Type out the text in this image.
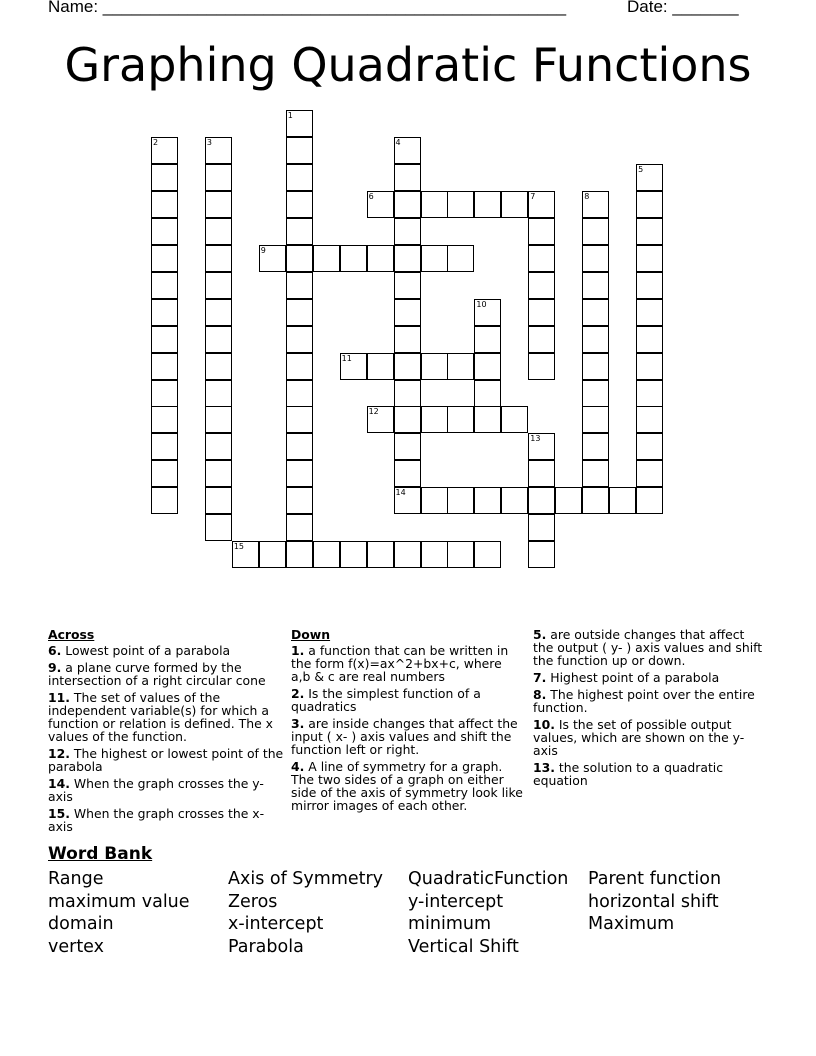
Name: _________________________________________________	Date: _______
Graphing Quadratic Functions
1
2	3	4
5
6	7	8
9
10
11
12
13
14
15
Across
6. Lowest point of a parabola
9. a plane curve formed by the intersection of a right circular cone
11. The set of values of the independent variable(s) for which a function or relation is defined. The x values of the function.
12. The highest or lowest point of the parabola
14. When the graph crosses the y-axis
15. When the graph crosses the x-axis
Down
1. a function that can be written in the form f(x)=ax^2+bx+c, where a,b & c are real numbers
2. Is the simplest function of a quadratics
3. are inside changes that affect the input ( x- ) axis values and shift the function left or right.
4. A line of symmetry for a graph. The two sides of a graph on either side of the axis of symmetry look like mirror images of each other.
5. are outside changes that affect the output ( y- ) axis values and shift the function up or down.
7. Highest point of a parabola
8. The highest point over the entire function.
10. Is the set of possible output values, which are shown on the y-axis
13. the solution to a quadratic equation
Word Bank
Range	Axis of Symmetry	QuadraticFunction	Parent function
maximum value	Zeros	y-intercept	horizontal shift
domain	x-intercept	minimum	Maximum
vertex	Parabola	Vertical Shift
